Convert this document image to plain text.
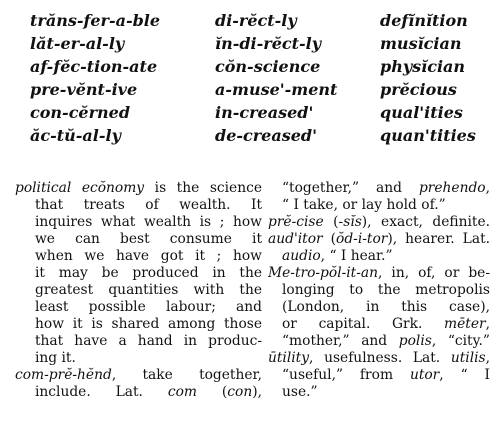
trăns-fer-a-ble	di-rĕct-ly	defĭnĭtion
lăt-er-al-ly	ĭn-di-rĕct-ly	musĭcian
af-fĕc-tion-ate	cŏn-science	physĭcian
pre-vĕnt-ive	a-muse'-ment	prĕcious
con-cĕrned	in-creased'	qual'ities
ăc-tŭ-al-ly	de-creased'	quan'tities
political ecŏnomy is the science
that treats of wealth. It
inquires what wealth is ; how
we can best consume it
when we have got it ; how
it may be produced in the
greatest quantities with the
least possible labour; and
how it is shared among those
that have a hand in produc-
ing it.
com-prĕ-hĕnd, take together,
include. Lat. com (con),
“together,” and prehendo,
“ I take, or lay hold of.”
prĕ-cise (-sĭs), exact, definite.
aud'itor (ŏd-i-tor), hearer. Lat.
audio, “ I hear.”
Me-tro-pŏl-it-an, in, of, or be-
longing to the metropolis
(London, in this case),
or capital. Grk. mēter,
“mother,” and polis, “city.”
ūtility, usefulness. Lat. utilis,
“useful,” from utor, “ I
use.”
